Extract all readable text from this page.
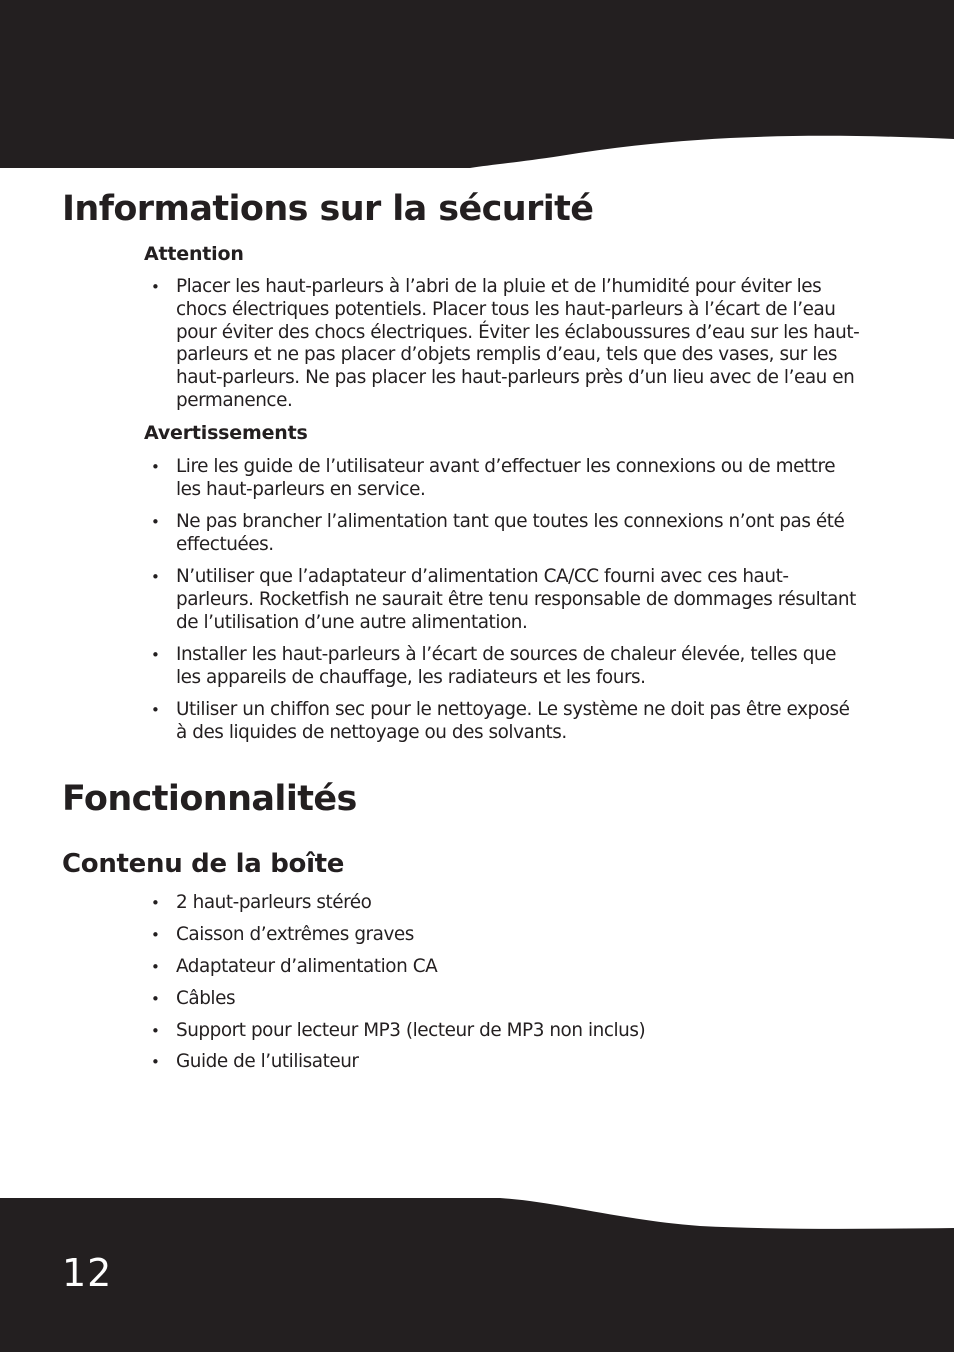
Informations sur la sécurité
Attention
• Placer les haut-parleurs à l’abri de la pluie et de l’humidité pour éviter les chocs électriques potentiels. Placer tous les haut-parleurs à l’écart de l’eau pour éviter des chocs électriques. Éviter les éclaboussures d’eau sur les haut-parleurs et ne pas placer d’objets remplis d’eau, tels que des vases, sur les haut-parleurs. Ne pas placer les haut-parleurs près d’un lieu avec de l’eau en permanence.
Avertissements
• Lire les guide de l’utilisateur avant d’effectuer les connexions ou de mettre les haut-parleurs en service.
• Ne pas brancher l’alimentation tant que toutes les connexions n’ont pas été effectuées.
• N’utiliser que l’adaptateur d’alimentation CA/CC fourni avec ces haut-parleurs. Rocketfish ne saurait être tenu responsable de dommages résultant de l’utilisation d’une autre alimentation.
• Installer les haut-parleurs à l’écart de sources de chaleur élevée, telles que les appareils de chauffage, les radiateurs et les fours.
• Utiliser un chiffon sec pour le nettoyage. Le système ne doit pas être exposé à des liquides de nettoyage ou des solvants.
Fonctionnalités
Contenu de la boîte
• 2 haut-parleurs stéréo
• Caisson d’extrêmes graves
• Adaptateur d’alimentation CA
• Câbles
• Support pour lecteur MP3 (lecteur de MP3 non inclus)
• Guide de l’utilisateur
12
